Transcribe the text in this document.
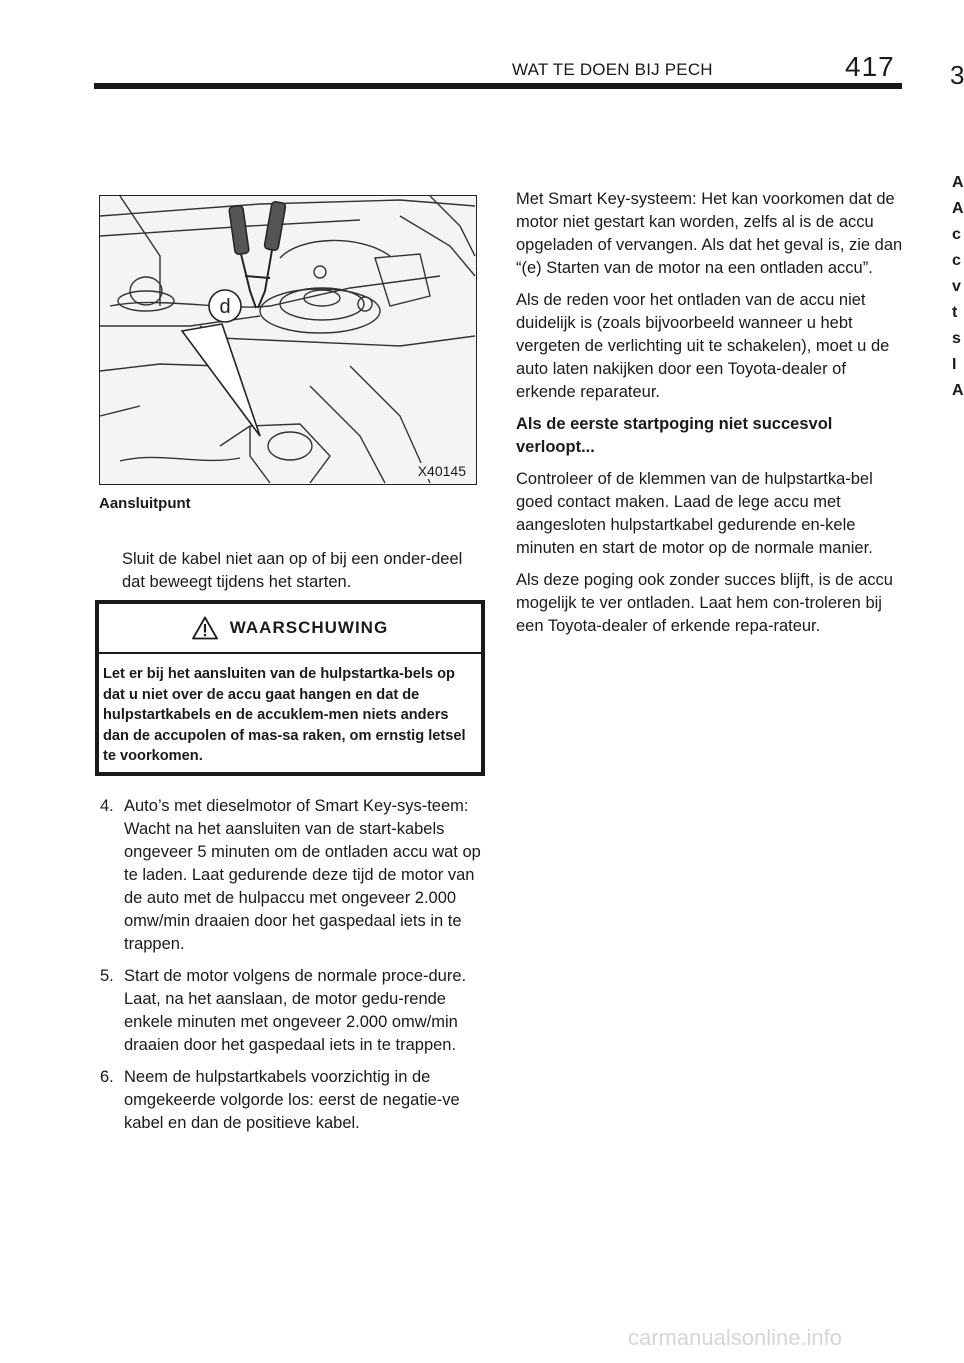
WAT TE DOEN BIJ PECH	417 3
A
A
c
c
v
t
s
I
A
d
X40145
Aansluitpunt
Sluit de kabel niet aan op of bij een onder-deel dat beweegt tijdens het starten.
WAARSCHUWING
Let er bij het aansluiten van de hulpstartka-bels op dat u niet over de accu gaat hangen en dat de hulpstartkabels en de accuklem-men niets anders dan de accupolen of mas-sa raken, om ernstig letsel te voorkomen.
4. Auto’s met dieselmotor of Smart Key‑sys-teem: Wacht na het aansluiten van de start-kabels ongeveer 5 minuten om de ontladen accu wat op te laden. Laat gedurende deze tijd de motor van de auto met de hulpaccu met ongeveer 2.000 omw/min draaien door het gaspedaal iets in te trappen.
5. Start de motor volgens de normale proce-dure. Laat, na het aanslaan, de motor gedu-rende enkele minuten met ongeveer 2.000 omw/min draaien door het gaspedaal iets in te trappen.
6. Neem de hulpstartkabels voorzichtig in de omgekeerde volgorde los: eerst de negatie-ve kabel en dan de positieve kabel.

Met Smart Key‑systeem: Het kan voorkomen dat de motor niet gestart kan worden, zelfs al is de accu opgeladen of vervangen. Als dat het geval is, zie dan “(e) Starten van de motor na een ontladen accu”.

Als de reden voor het ontladen van de accu niet duidelijk is (zoals bijvoorbeeld wanneer u hebt vergeten de verlichting uit te schakelen), moet u de auto laten nakijken door een Toyota‑dealer of erkende reparateur.

Als de eerste startpoging niet succesvol verloopt...

Controleer of de klemmen van de hulpstartka-bel goed contact maken. Laad de lege accu met aangesloten hulpstartkabel gedurende en-kele minuten en start de motor op de normale manier.

Als deze poging ook zonder succes blijft, is de accu mogelijk te ver ontladen. Laat hem con-troleren bij een Toyota‑dealer of erkende repa-rateur.

carmanualsonline.info
